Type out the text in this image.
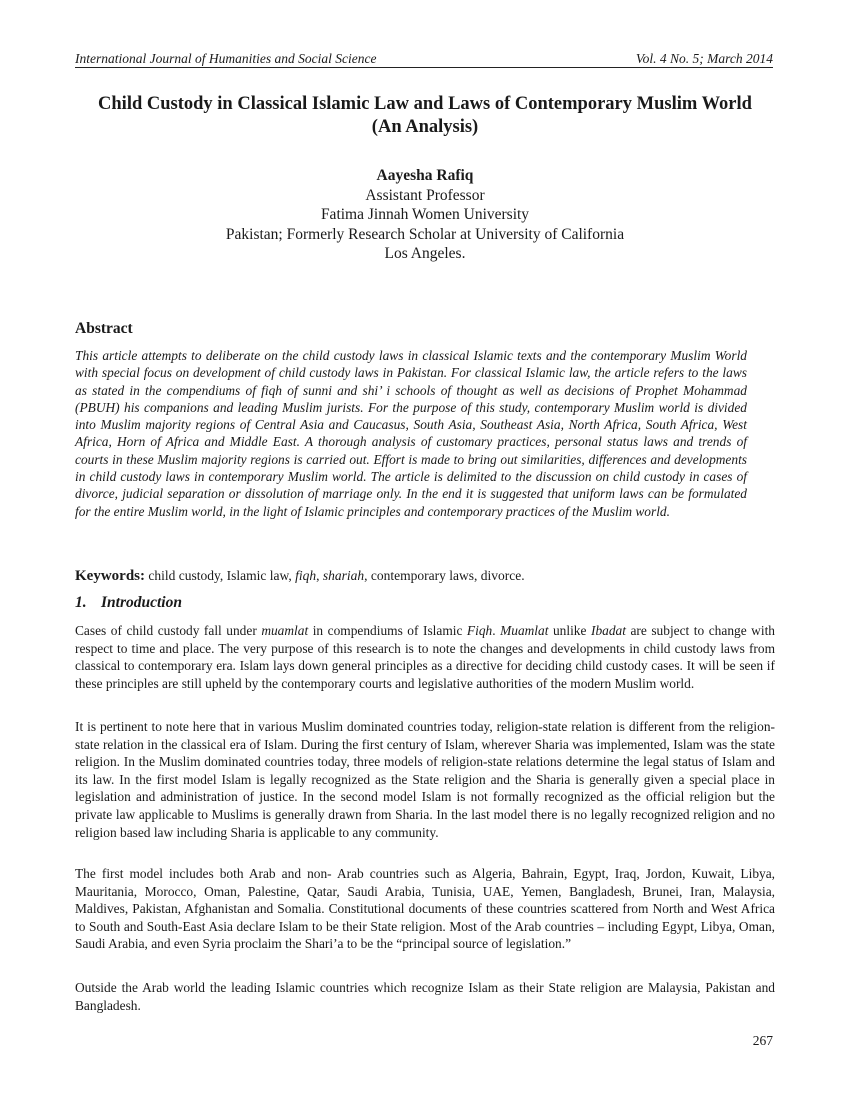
International Journal of Humanities and Social Science	Vol. 4 No. 5; March 2014
Child Custody in Classical Islamic Law and Laws of Contemporary Muslim World
(An Analysis)
Aayesha Rafiq
Assistant Professor
Fatima Jinnah Women University
Pakistan; Formerly Research Scholar at University of California
Los Angeles.
Abstract

This article attempts to deliberate on the child custody laws in classical Islamic texts and the contemporary Muslim World with special focus on development of child custody laws in Pakistan. For classical Islamic law, the article refers to the laws as stated in the compendiums of fiqh of sunni and shi’ i schools of thought as well as decisions of Prophet Mohammad (PBUH) his companions and leading Muslim jurists. For the purpose of this study, contemporary Muslim world is divided into Muslim majority regions of Central Asia and Caucasus, South Asia, Southeast Asia, North Africa, South Africa, West Africa, Horn of Africa and Middle East. A thorough analysis of customary practices, personal status laws and trends of courts in these Muslim majority regions is carried out. Effort is made to bring out similarities, differences and developments in child custody laws in contemporary Muslim world. The article is delimited to the discussion on child custody in cases of divorce, judicial separation or dissolution of marriage only. In the end it is suggested that uniform laws can be formulated for the entire Muslim world, in the light of Islamic principles and contemporary practices of the Muslim world.

Keywords: child custody, Islamic law, fiqh, shariah, contemporary laws, divorce.
1. Introduction

Cases of child custody fall under muamlat in compendiums of Islamic Fiqh. Muamlat unlike Ibadat are subject to change with respect to time and place. The very purpose of this research is to note the changes and developments in child custody laws from classical to contemporary era. Islam lays down general principles as a directive for deciding child custody cases. It will be seen if these principles are still upheld by the contemporary courts and legislative authorities of the modern Muslim world.

It is pertinent to note here that in various Muslim dominated countries today, religion-state relation is different from the religion-state relation in the classical era of Islam. During the first century of Islam, wherever Sharia was implemented, Islam was the state religion. In the Muslim dominated countries today, three models of religion-state relations determine the legal status of Islam and its law. In the first model Islam is legally recognized as the State religion and the Sharia is generally given a special place in legislation and administration of justice. In the second model Islam is not formally recognized as the official religion but the private law applicable to Muslims is generally drawn from Sharia. In the last model there is no legally recognized religion and no religion based law including Sharia is applicable to any community.

The first model includes both Arab and non- Arab countries such as Algeria, Bahrain, Egypt, Iraq, Jordon, Kuwait, Libya, Mauritania, Morocco, Oman, Palestine, Qatar, Saudi Arabia, Tunisia, UAE, Yemen, Bangladesh, Brunei, Iran, Malaysia, Maldives, Pakistan, Afghanistan and Somalia. Constitutional documents of these countries scattered from North and West Africa to South and South-East Asia declare Islam to be their State religion. Most of the Arab countries – including Egypt, Libya, Oman, Saudi Arabia, and even Syria proclaim the Shari’a to be the “principal source of legislation.”

Outside the Arab world the leading Islamic countries which recognize Islam as their State religion are Malaysia, Pakistan and Bangladesh.

267
